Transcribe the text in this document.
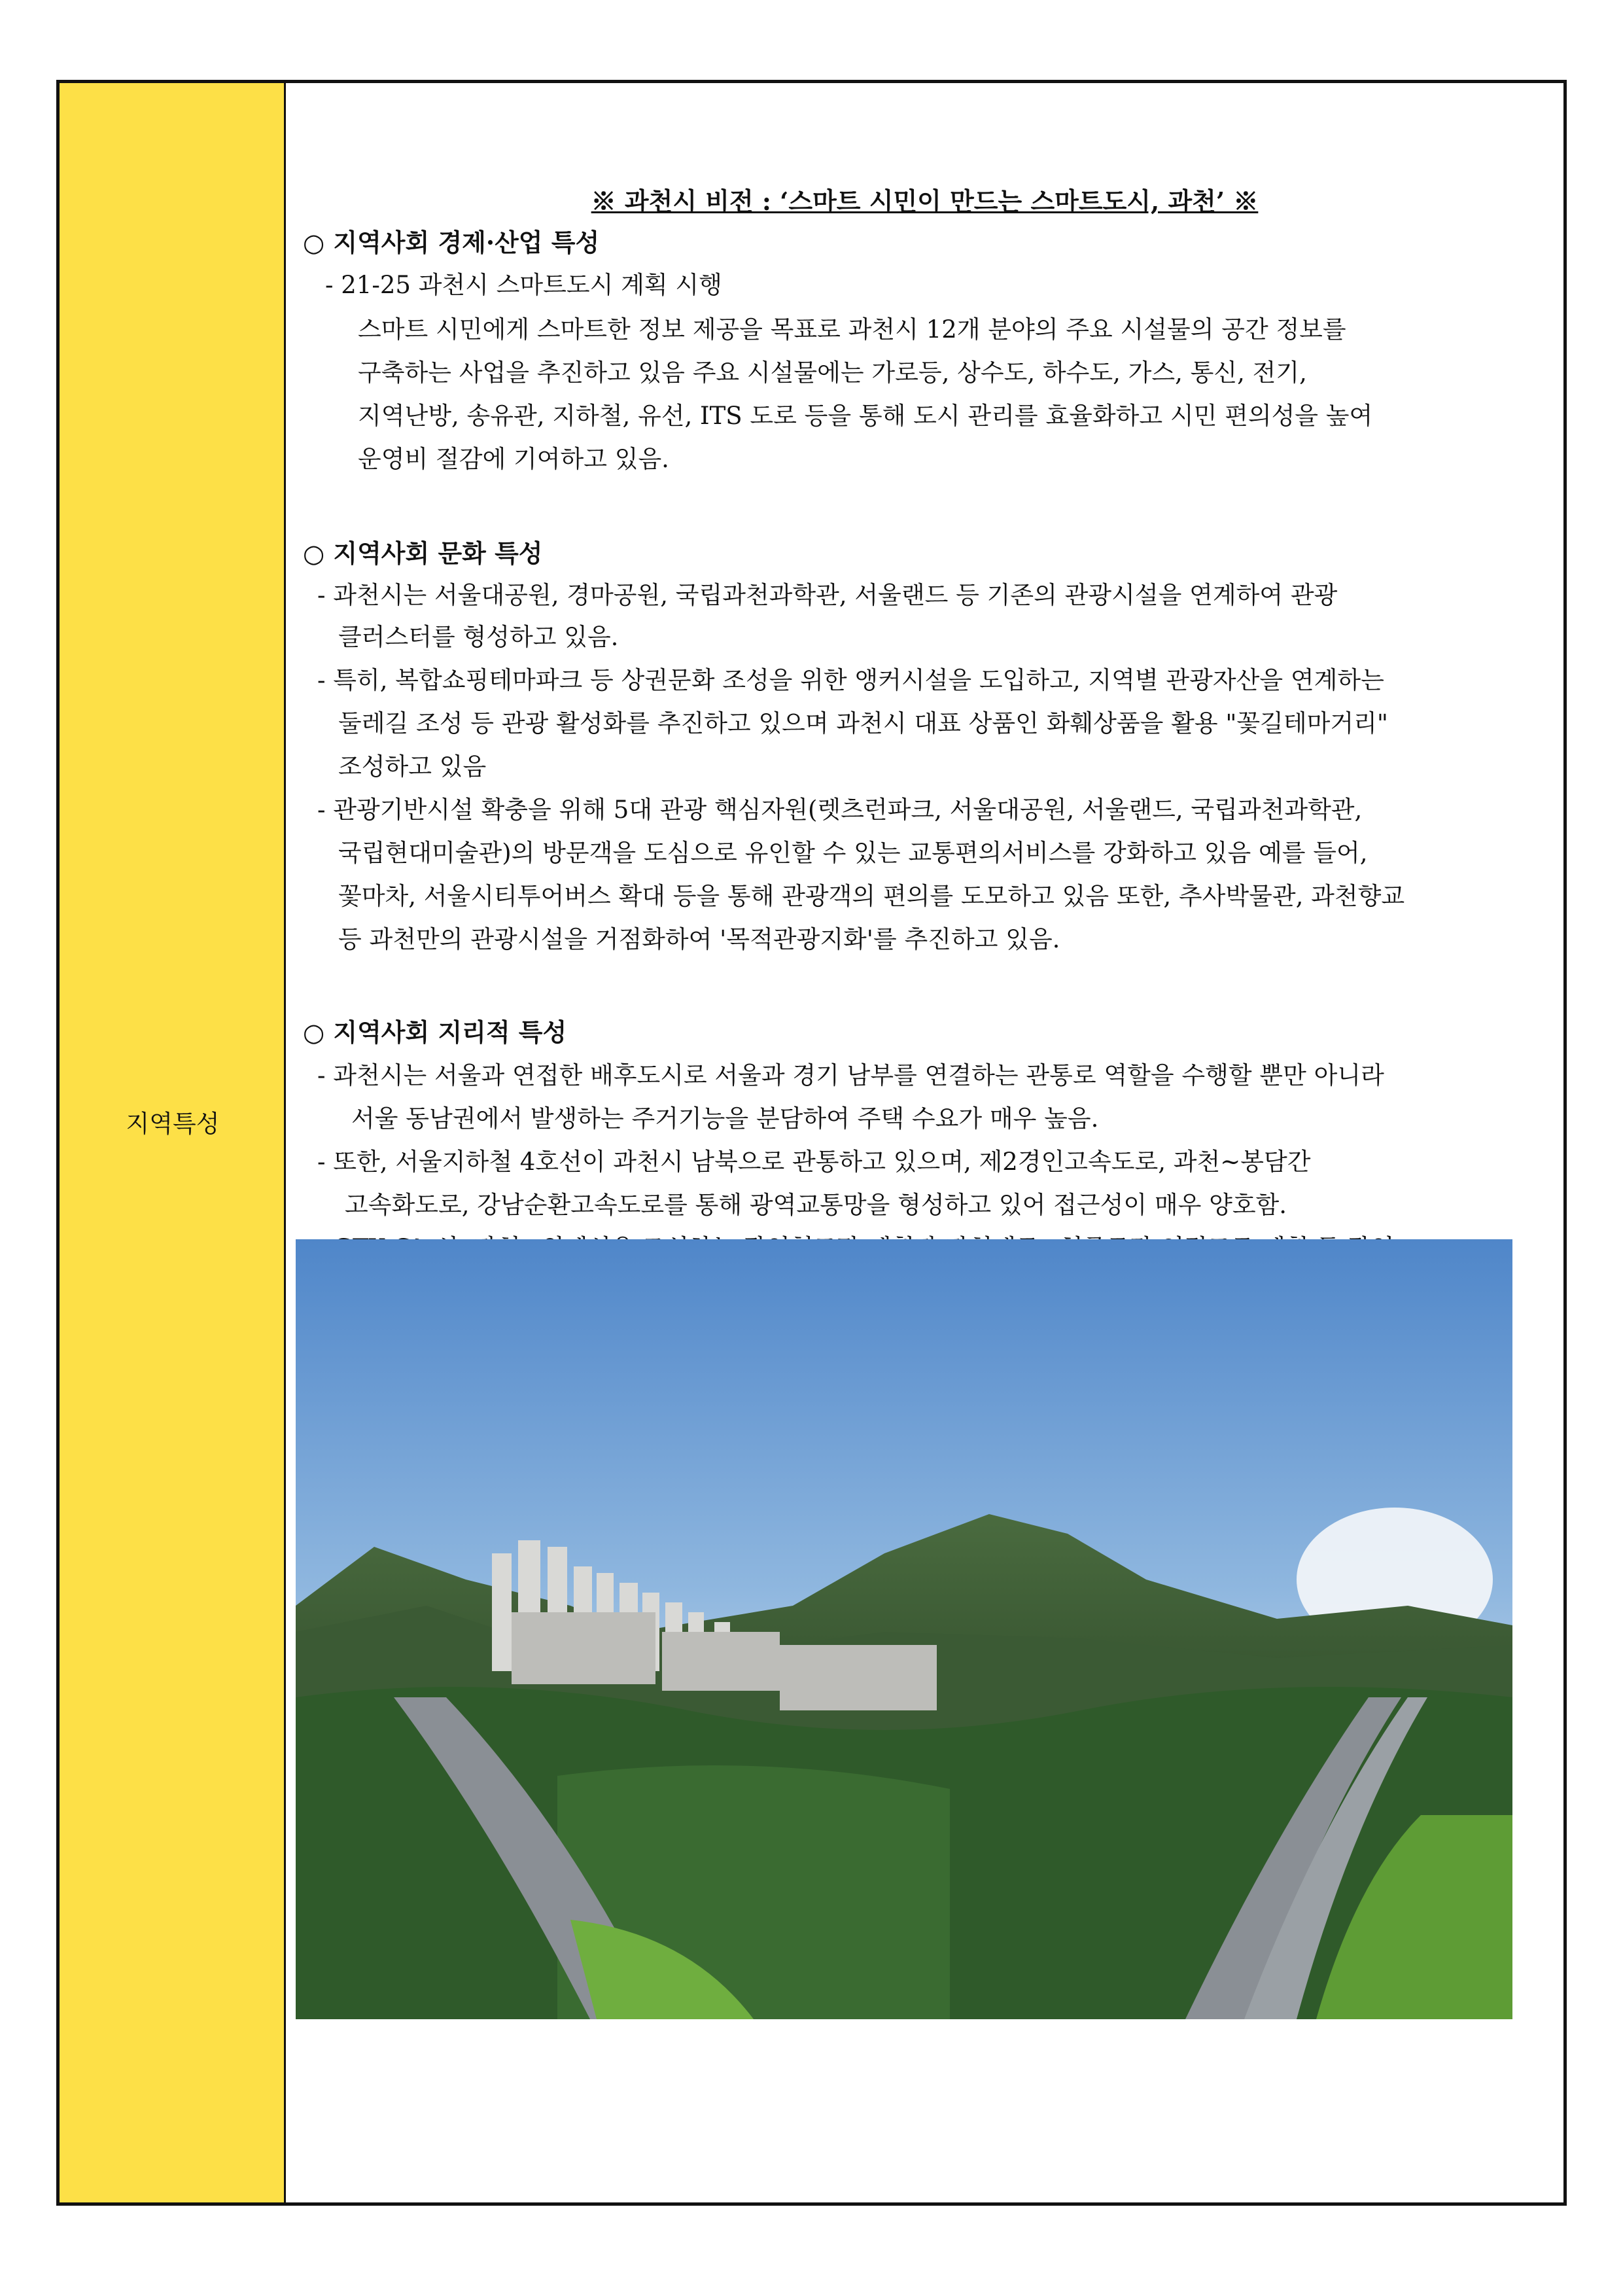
지역특성
※ 과천시 비전 : ‘스마트 시민이 만드는 스마트도시, 과천’ ※
○ 지역사회 경제·산업 특성
- 21-25 과천시 스마트도시 계획 시행
스마트 시민에게 스마트한 정보 제공을 목표로 과천시 12개 분야의 주요 시설물의 공간 정보를
구축하는 사업을 추진하고 있음 주요 시설물에는 가로등, 상수도, 하수도, 가스, 통신, 전기,
지역난방, 송유관, 지하철, 유선, ITS 도로 등을 통해 도시 관리를 효율화하고 시민 편의성을 높여
운영비 절감에 기여하고 있음.
○ 지역사회 문화 특성
- 과천시는 서울대공원, 경마공원, 국립과천과학관, 서울랜드 등 기존의 관광시설을 연계하여 관광
클러스터를 형성하고 있음.
- 특히, 복합쇼핑테마파크 등 상권문화 조성을 위한 앵커시설을 도입하고, 지역별 관광자산을 연계하는
둘레길 조성 등 관광 활성화를 추진하고 있으며 과천시 대표 상품인 화훼상품을 활용 "꽃길테마거리"
조성하고 있음
- 관광기반시설 확충을 위해 5대 관광 핵심자원(렛츠런파크, 서울대공원, 서울랜드, 국립과천과학관,
국립현대미술관)의 방문객을 도심으로 유인할 수 있는 교통편의서비스를 강화하고 있음 예를 들어,
꽃마차, 서울시티투어버스 확대 등을 통해 관광객의 편의를 도모하고 있음 또한, 추사박물관, 과천향교
등 과천만의 관광시설을 거점화하여 '목적관광지화'를 추진하고 있음.
○ 지역사회 지리적 특성
- 과천시는 서울과 연접한 배후도시로 서울과 경기 남부를 연결하는 관통로 역할을 수행할 뿐만 아니라
서울 동남권에서 발생하는 주거기능을 분담하여 주택 수요가 매우 높음.
- 또한, 서울지하철 4호선이 과천시 남북으로 관통하고 있으며, 제2경인고속도로, 과천~봉담간
고속화도로, 강남순환고속도로를 통해 광역교통망을 형성하고 있어 접근성이 매우 양호함.
